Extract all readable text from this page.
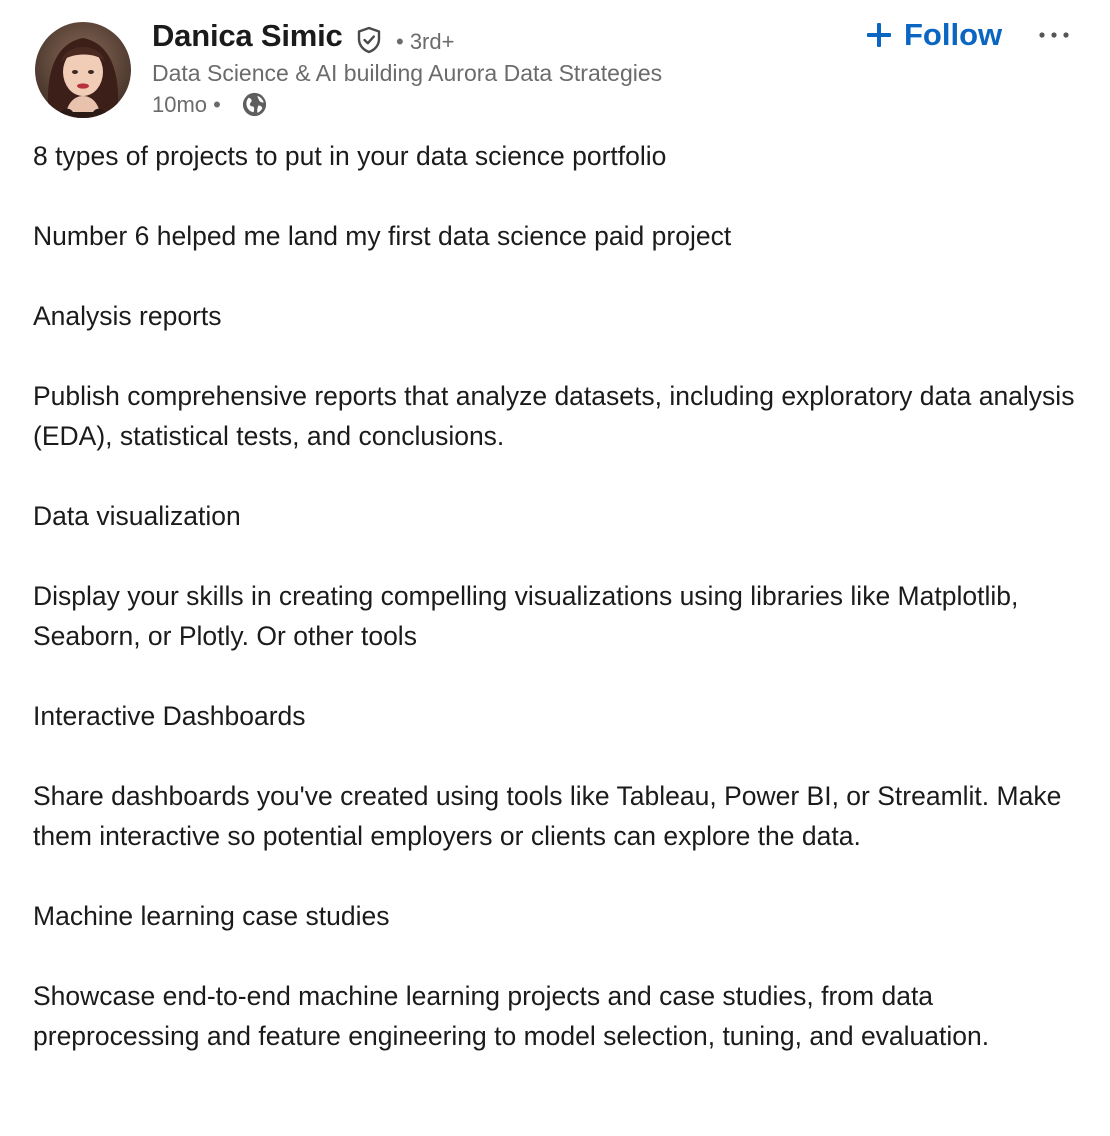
Danica Simic • 3rd+
Data Science & AI building Aurora Data Strategies
10mo •
Follow

8 types of projects to put in your data science portfolio

Number 6 helped me land my first data science paid project

Analysis reports

Publish comprehensive reports that analyze datasets, including exploratory data analysis (EDA), statistical tests, and conclusions.

Data visualization

Display your skills in creating compelling visualizations using libraries like Matplotlib, Seaborn, or Plotly. Or other tools

Interactive Dashboards

Share dashboards you've created using tools like Tableau, Power BI, or Streamlit. Make them interactive so potential employers or clients can explore the data.

Machine learning case studies

Showcase end-to-end machine learning projects and case studies, from data preprocessing and feature engineering to model selection, tuning, and evaluation.
